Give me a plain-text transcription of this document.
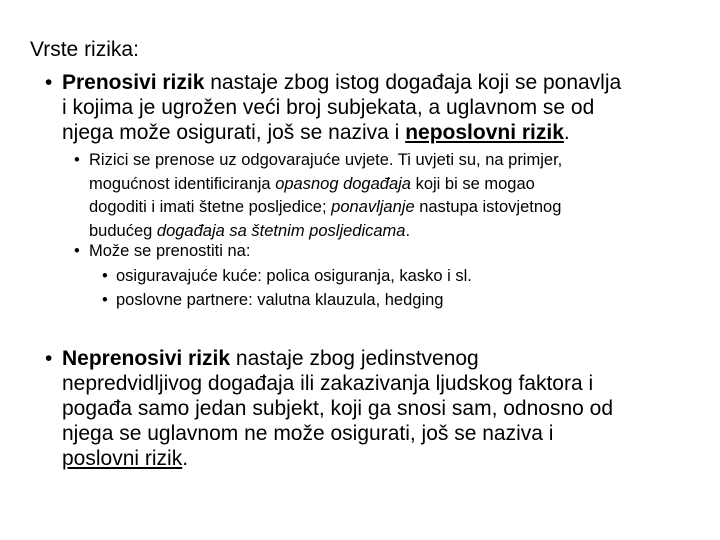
Vrste rizika:
• Prenosivi rizik nastaje zbog istog događaja koji se ponavlja
i kojima je ugrožen veći broj subjekata, a uglavnom se od
njega može osigurati, još se naziva i neposlovni rizik.
• Rizici se prenose uz odgovarajuće uvjete. Ti uvjeti su, na primjer,
mogućnost identificiranja opasnog događaja koji bi se mogao
dogoditi i imati štetne posljedice; ponavljanje nastupa istovjetnog
budućeg događaja sa štetnim posljedicama.
• Može se prenostiti na:
• osiguravajuće kuće: polica osiguranja, kasko i sl.
• poslovne partnere: valutna klauzula, hedging
• Neprenosivi rizik nastaje zbog jedinstvenog
nepredvidljivog događaja ili zakazivanja ljudskog faktora i
pogađa samo jedan subjekt, koji ga snosi sam, odnosno od
njega se uglavnom ne može osigurati, još se naziva i
poslovni rizik.
